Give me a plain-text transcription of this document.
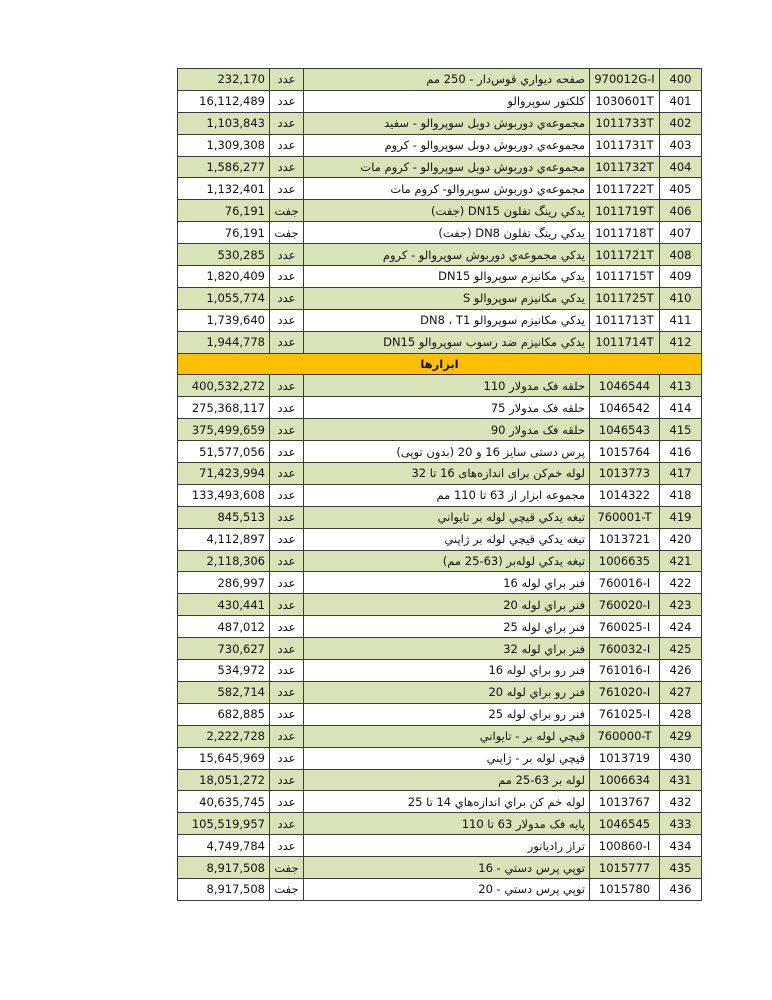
232,170	عدد	صفحه ديواري قوس‌دار - 250 مم	970012G-I	400
16,112,489	عدد	كلكتور سوپروالو	1030601T	401
1,103,843	عدد	مجموعه‌ي دوربوش دوبل سوپروالو - سفيد	1011733T	402
1,309,308	عدد	مجموعه‌ي دوربوش دوبل سوپروالو - كروم	1011731T	403
1,586,277	عدد	مجموعه‌ي دوربوش دوبل سوپروالو - كروم مات	1011732T	404
1,132,401	عدد	مجموعه‌ي دوربوش سوپروالو- كروم مات	1011722T	405
76,191	جفت	يدكي رينگ تفلون DN15 (جفت)	1011719T	406
76,191	جفت	يدكي رينگ تفلون DN8 (جفت)	1011718T	407
530,285	عدد	يدكي مجموعه‌ي دوربوش سوپروالو - كروم	1011721T	408
1,820,409	عدد	يدكي مكانيزم سوپروالو DN15	1011715T	409
1,055,774	عدد	يدكي مكانيزم سوپروالو S	1011725T	410
1,739,640	عدد	يدكي مكانيزم سوپروالو DN8 ، T1	1011713T	411
1,944,778	عدد	يدكي مكانيزم ضد رسوب سوپروالو DN15	1011714T	412
ابزارها				
400,532,272	عدد	حلقه فک مدولار 110	1046544	413
275,368,117	عدد	حلقه فک مدولار 75	1046542	414
375,499,659	عدد	حلقه فک مدولار 90	1046543	415
51,577,056	عدد	پرس دستی سایز 16 و 20 (بدون توپی)	1015764	416
71,423,994	عدد	لوله خم‌کن برای اندازه‌های 16 تا 32	1013773	417
133,493,608	عدد	مجموعه ابزار از 63 تا 110 مم	1014322	418
845,513	عدد	تيغه يدكي قيچي لوله بر تايواني	760001-T	419
4,112,897	عدد	تيغه يدكي قيچي لوله بر ژاپني	1013721	420
2,118,306	عدد	تيغه يدكي لوله‌بر (63-25 مم)	1006635	421
286,997	عدد	فنر براي لوله 16	760016-I	422
430,441	عدد	فنر براي لوله 20	760020-I	423
487,012	عدد	فنر براي لوله 25	760025-I	424
730,627	عدد	فنر براي لوله 32	760032-I	425
534,972	عدد	فنر رو براي لوله 16	761016-I	426
582,714	عدد	فنر رو براي لوله 20	761020-I	427
682,885	عدد	فنر رو براي لوله 25	761025-I	428
2,222,728	عدد	قيچي لوله بر - تايواني	760000-T	429
15,645,969	عدد	قيچي لوله بر - ژاپني	1013719	430
18,051,272	عدد	لوله بر 63-25 مم	1006634	431
40,635,745	عدد	لوله خم كن براي اندازه‌هاي 14 تا 25	1013767	432
105,519,957	عدد	پایه فک مدولار 63 تا 110	1046545	433
4,749,784	عدد	تراز راديانور	100860-I	434
8,917,508	جفت	توپي پرس دستي - 16	1015777	435
8,917,508	جفت	توپي پرس دستي - 20	1015780	436
